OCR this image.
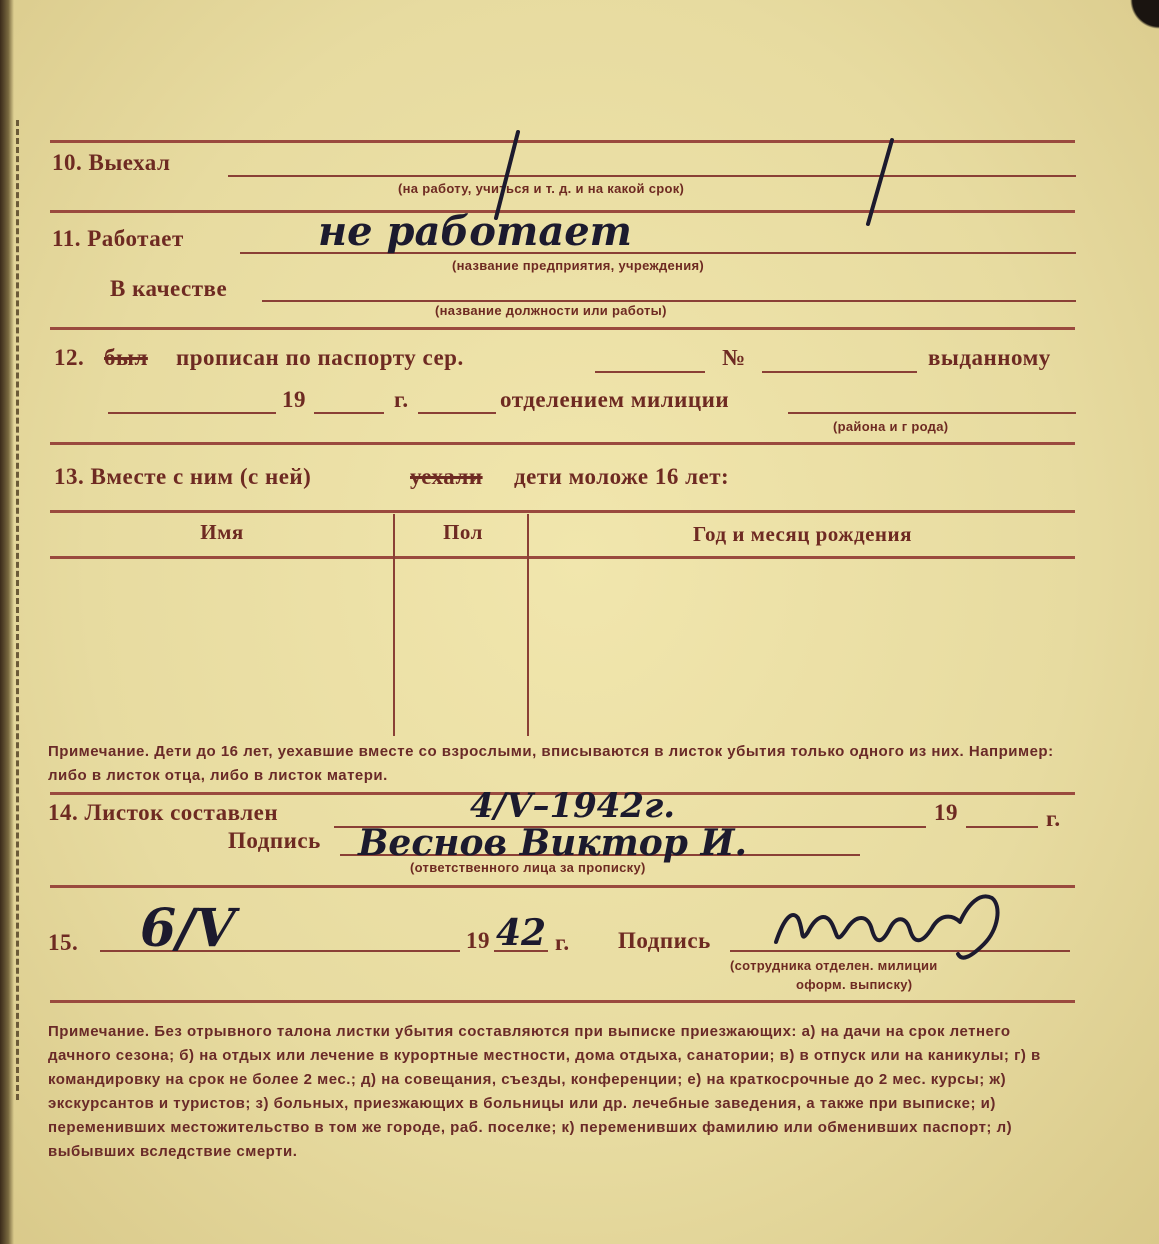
10. Выехал
(на работу, учиться и т. д. и на какой срок)
11. Работает	не работает
(название предприятия, учреждения)
В качестве
(название должности или работы)
12. был прописан по паспорту сер.	№	выданному
19	г.	отделением милиции
(района и г рода)
13. Вместе с ним (с ней)	уехали дети моложе 16 лет:
Имя	Пол	Год и месяц рождения
Примечание. Дети до 16 лет, уехавшие вместе со взрослыми, вписываются в листок убытия только одного из них. Например: либо в листок отца, либо в листок матери.
14. Листок составлен	4/V–1942г.	19	г.
Подпись Веснов Виктор И.
(ответственного лица за прописку)
15. 6/V	19 42 г. Подпись
(сотрудника отделен. милиции
оформ. выписку)
Примечание. Без отрывного талона листки убытия составляются при выписке приезжающих: а) на дачи на срок летнего дачного сезона; б) на отдых или лечение в курортные местности, дома отдыха, санатории; в) в отпуск или на каникулы; г) в командировку на срок не более 2 мес.; д) на совещания, съезды, конференции; е) на краткосрочные до 2 мес. курсы; ж) экскурсантов и туристов; з) больных, приезжающих в больницы или др. лечебные заведения, а также при выписке; и) переменивших местожительство в том же городе, раб. поселке; к) переменивших фамилию или обменивших паспорт; л) выбывших вследствие смерти.
